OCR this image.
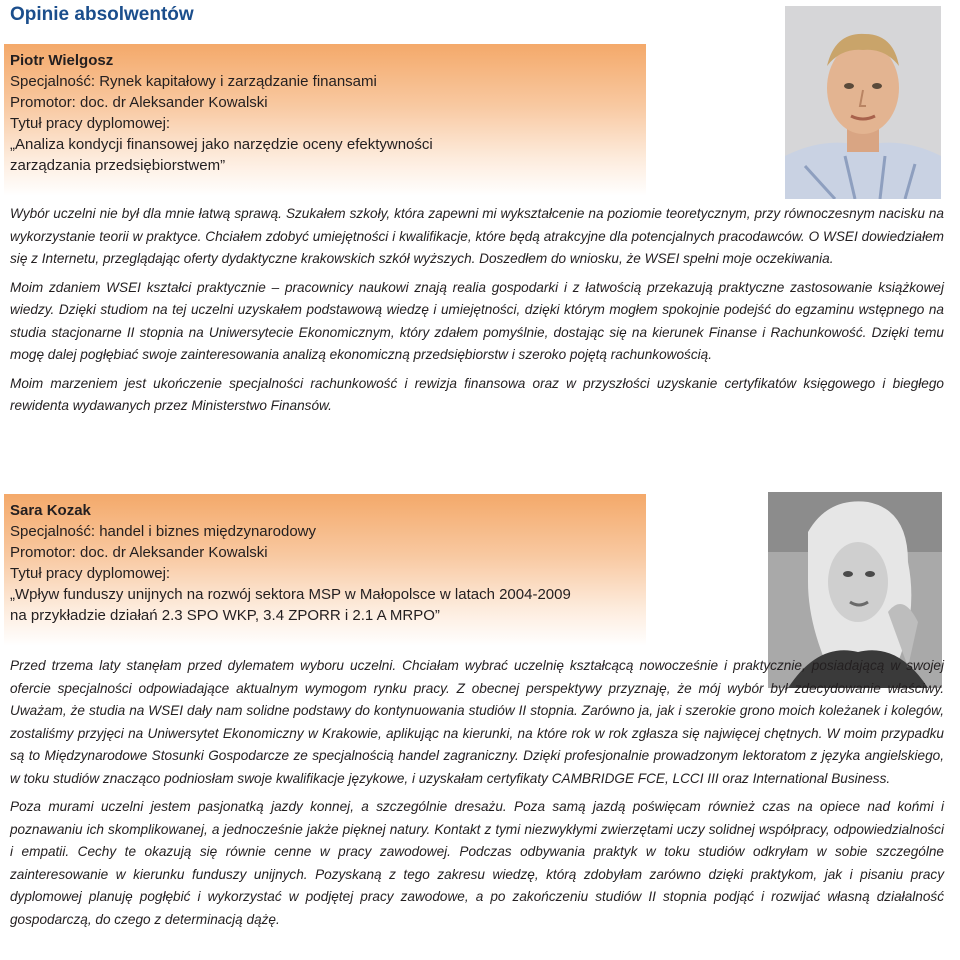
Opinie absolwentów
Piotr Wielgosz
Specjalność: Rynek kapitałowy i zarządzanie finansami
Promotor: doc. dr Aleksander Kowalski
Tytuł pracy dyplomowej:
„Analiza kondycji finansowej jako narzędzie oceny efektywności
zarządzania przedsiębiorstwem”

Wybór uczelni nie był dla mnie łatwą sprawą. Szukałem szkoły, która zapewni mi wykształcenie na poziomie teoretycznym, przy równoczesnym nacisku na wykorzystanie teorii w praktyce. Chciałem zdobyć umiejętności i kwalifikacje, które będą atrakcyjne dla potencjalnych pracodawców. O WSEI dowiedziałem się z Internetu, przeglądając oferty dydaktyczne krakowskich szkół wyższych. Doszedłem do wniosku, że WSEI spełni moje oczekiwania.

Moim zdaniem WSEI kształci praktycznie – pracownicy naukowi znają realia gospodarki i z łatwością przekazują praktyczne zastosowanie książkowej wiedzy. Dzięki studiom na tej uczelni uzyskałem podstawową wiedzę i umiejętności, dzięki którym mogłem spokojnie podejść do egzaminu wstępnego na studia stacjonarne II stopnia na Uniwersytecie Ekonomicznym, który zdałem pomyślnie, dostając się na kierunek Finanse i Rachunkowość. Dzięki temu mogę dalej pogłębiać swoje zainteresowania analizą ekonomiczną przedsiębiorstw i szeroko pojętą rachunkowością.

Moim marzeniem jest ukończenie specjalności rachunkowość i rewizja finansowa oraz w przyszłości uzyskanie certyfikatów księgowego i biegłego rewidenta wydawanych przez Ministerstwo Finansów.

Sara Kozak
Specjalność: handel i biznes międzynarodowy
Promotor: doc. dr Aleksander Kowalski
Tytuł pracy dyplomowej:
„Wpływ funduszy unijnych na rozwój sektora MSP w Małopolsce w latach 2004-2009
na przykładzie działań 2.3 SPO WKP, 3.4 ZPORR i 2.1 A MRPO”

Przed trzema laty stanęłam przed dylematem wyboru uczelni. Chciałam wybrać uczelnię kształcącą nowocześnie i praktycznie, posiadającą w swojej ofercie specjalności odpowiadające aktualnym wymogom rynku pracy. Z obecnej perspektywy przyznaję, że mój wybór był zdecydowanie właściwy. Uważam, że studia na WSEI dały nam solidne podstawy do kontynuowania studiów II stopnia. Zarówno ja, jak i szerokie grono moich koleżanek i kolegów, zostaliśmy przyjęci na Uniwersytet Ekonomiczny w Krakowie, aplikując na kierunki, na które rok w rok zgłasza się najwięcej chętnych. W moim przypadku są to Międzynarodowe Stosunki Gospodarcze ze specjalnością handel zagraniczny. Dzięki profesjonalnie prowadzonym lektoratom z języka angielskiego, w toku studiów znacząco podniosłam swoje kwalifikacje językowe, i uzyskałam certyfikaty CAMBRIDGE FCE, LCCI III oraz International Business.

Poza murami uczelni jestem pasjonatką jazdy konnej, a szczególnie dresażu. Poza samą jazdą poświęcam również czas na opiece nad końmi i poznawaniu ich skomplikowanej, a jednocześnie jakże pięknej natury. Kontakt z tymi niezwykłymi zwierzętami uczy solidnej współpracy, odpowiedzialności i empatii. Cechy te okazują się równie cenne w pracy zawodowej. Podczas odbywania praktyk w toku studiów odkryłam w sobie szczególne zainteresowanie w kierunku funduszy unijnych. Pozyskaną z tego zakresu wiedzę, którą zdobyłam zarówno dzięki praktykom, jak i pisaniu pracy dyplomowej planuję pogłębić i wykorzystać w podjętej pracy zawodowe, a po zakończeniu studiów II stopnia podjąć i rozwijać własną działalność gospodarczą, do czego z determinacją dążę.
